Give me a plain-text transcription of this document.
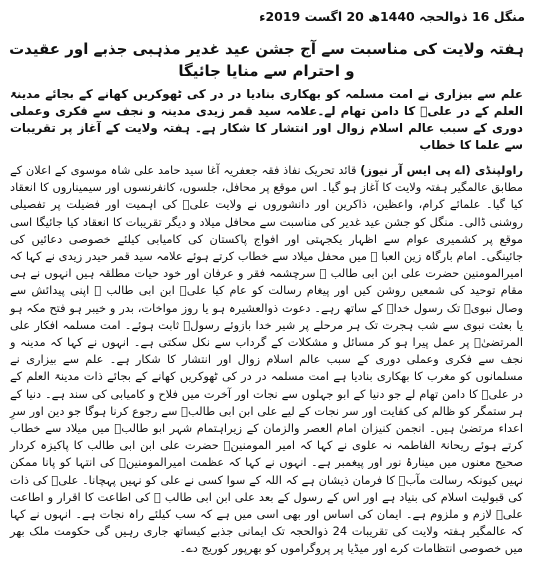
منگل 16 ذوالحجہ 1440ھ 20 اگست 2019ء
ہفتہ ولایت کی مناسبت سے آج جشن عید غدیر مذہبی جذبے اور عقیدت و احترام سے منایا جائیگا
علم سے بیزاری نے امت مسلمہ کو بھکاری بنادیا در در کی ٹھوکریں کھانے کے بجائے مدینۃ العلم کے در علیؑ کا دامن تھام لے۔علامہ سید قمر زیدی مدینہ و نجف سے فکری وعملی دوری کے سبب عالم اسلام زوال اور انتشار کا شکار ہے۔ ہفتہ ولایت کے آغاز پر تقریبات سے علما کا خطاب

راولپنڈی (اے پی ایس آر نیوز) قائد تحریک نفاذ فقہ جعفریہ آغا سید حامد علی شاہ موسوی کے اعلان کے مطابق عالمگیر ہفتہ ولایت کا آغاز ہو گیا۔ اس موقع پر محافل، جلسوں، کانفرنسوں اور سیمیناروں کا انعقاد کیا گیا۔ علمائے کرام، واعظین، ذاکرین اور دانشوروں نے ولایت علیؑ کی اہمیت اور فضیلت پر تفصیلی روشنی ڈالی۔ منگل کو جشن عید غدیر کی مناسبت سے محافل میلاد و دیگر تقریبات کا انعقاد کیا جائیگا اسی موقع پر کشمیری عوام سے اظہار یکجہتی اور افواج پاکستان کی کامیابی کیلئے خصوصی دعائیں کی جائینگی۔ امام بارگاہ زین العبا ؑ میں محفل میلاد سے خطاب کرتے ہوئے علامہ سید قمر حیدر زیدی نے کہا کہ امیرالمومنین حضرت علی ابن ابی طالب ؑ سرچشمہ فقر و عرفان اور خود حیات مطلقہ ہیں انہوں نے ہی مقام توحید کی شمعیں روشن کیں اور پیغام رسالت کو عام کیا علیؑ ابن ابی طالب ؑ اپنی پیدائش سے وصال نبویؐ تک رسول خداؐ کے ساتھ رہے۔ دعوت ذوالعشیرہ ہو یا روز مواخات، بدر و خیبر ہو فتح مکہ ہو یا بعثت نبوی سے شب ہجرت تک ہر مرحلے پر شیر خدا بازوئے رسولؐ ثابت ہوئے۔ امت مسلمہ افکار علی المرتضیٰؑ پر عمل پیرا ہو کر مسائل و مشکلات کے گرداب سے نکل سکتی ہے۔ انہوں نے کہا کہ مدینہ و نجف سے فکری وعملی دوری کے سبب عالم اسلام زوال اور انتشار کا شکار ہے۔ علم سے بیزاری نے مسلمانوں کو مغرب کا بھکاری بنادیا ہے امت مسلمہ در در کی ٹھوکریں کھانے کے بجائے ذات مدینۃ العلم کے در علیؑ کا دامن تھام لے جو دنیا کے ابو جہلوں سے نجات اور آخرت میں فلاح و کامیابی کی سند ہے۔ دنیا کے ہر ستمگر کو ظالم کی کفایت اور سر نجات کے لیے علی ابن ابی طالبؑ سے رجوع کرنا ہوگا جو دین اور سرِ اعداء مرتضیٰ ہیں۔ انجمن کنیزان امام العصر والزمان کے زیراہتمام شہر ابو طالبؑ میں میلاد سے خطاب کرتے ہوئے ریحانۃ الفاطمہ نہ علوی نے کہا کہ امیر المومنینؑ حضرت علی ابن ابی طالب کا پاکیزہ کردار صحیح معنوں میں مینارۂ نور اور پیغمبر ہے۔ انہوں نے کہا کہ عظمت امیرالمومنینؑ کی انتہا کو پانا ممکن نہیں کیونکہ رسالت مآبؐ کا فرمان ذیشان ہے کہ اللہ کے سوا کسی نے علی کو نہیں پہچانا۔ علیؑ کی ذات کی قبولیت اسلام کی بنیاد ہے اور اس کے رسول کے بعد علی ابن ابی طالب ؑ کی اطاعت کا اقرار و اطاعت علیؑ لازم و ملزوم ہے۔ ایمان کی اساس اور بھی اسی میں ہے کہ سب کیلئے راہ نجات ہے۔ انہوں نے کہا کہ عالمگیر ہفتہ ولایت کی تقریبات 24 ذوالحجہ تک ایمانی جذبے کیساتھ جاری رہیں گی حکومت ملک بھر میں خصوصی انتظامات کرے اور میڈیا پر پروگراموں کو بھرپور کوریج دے۔
